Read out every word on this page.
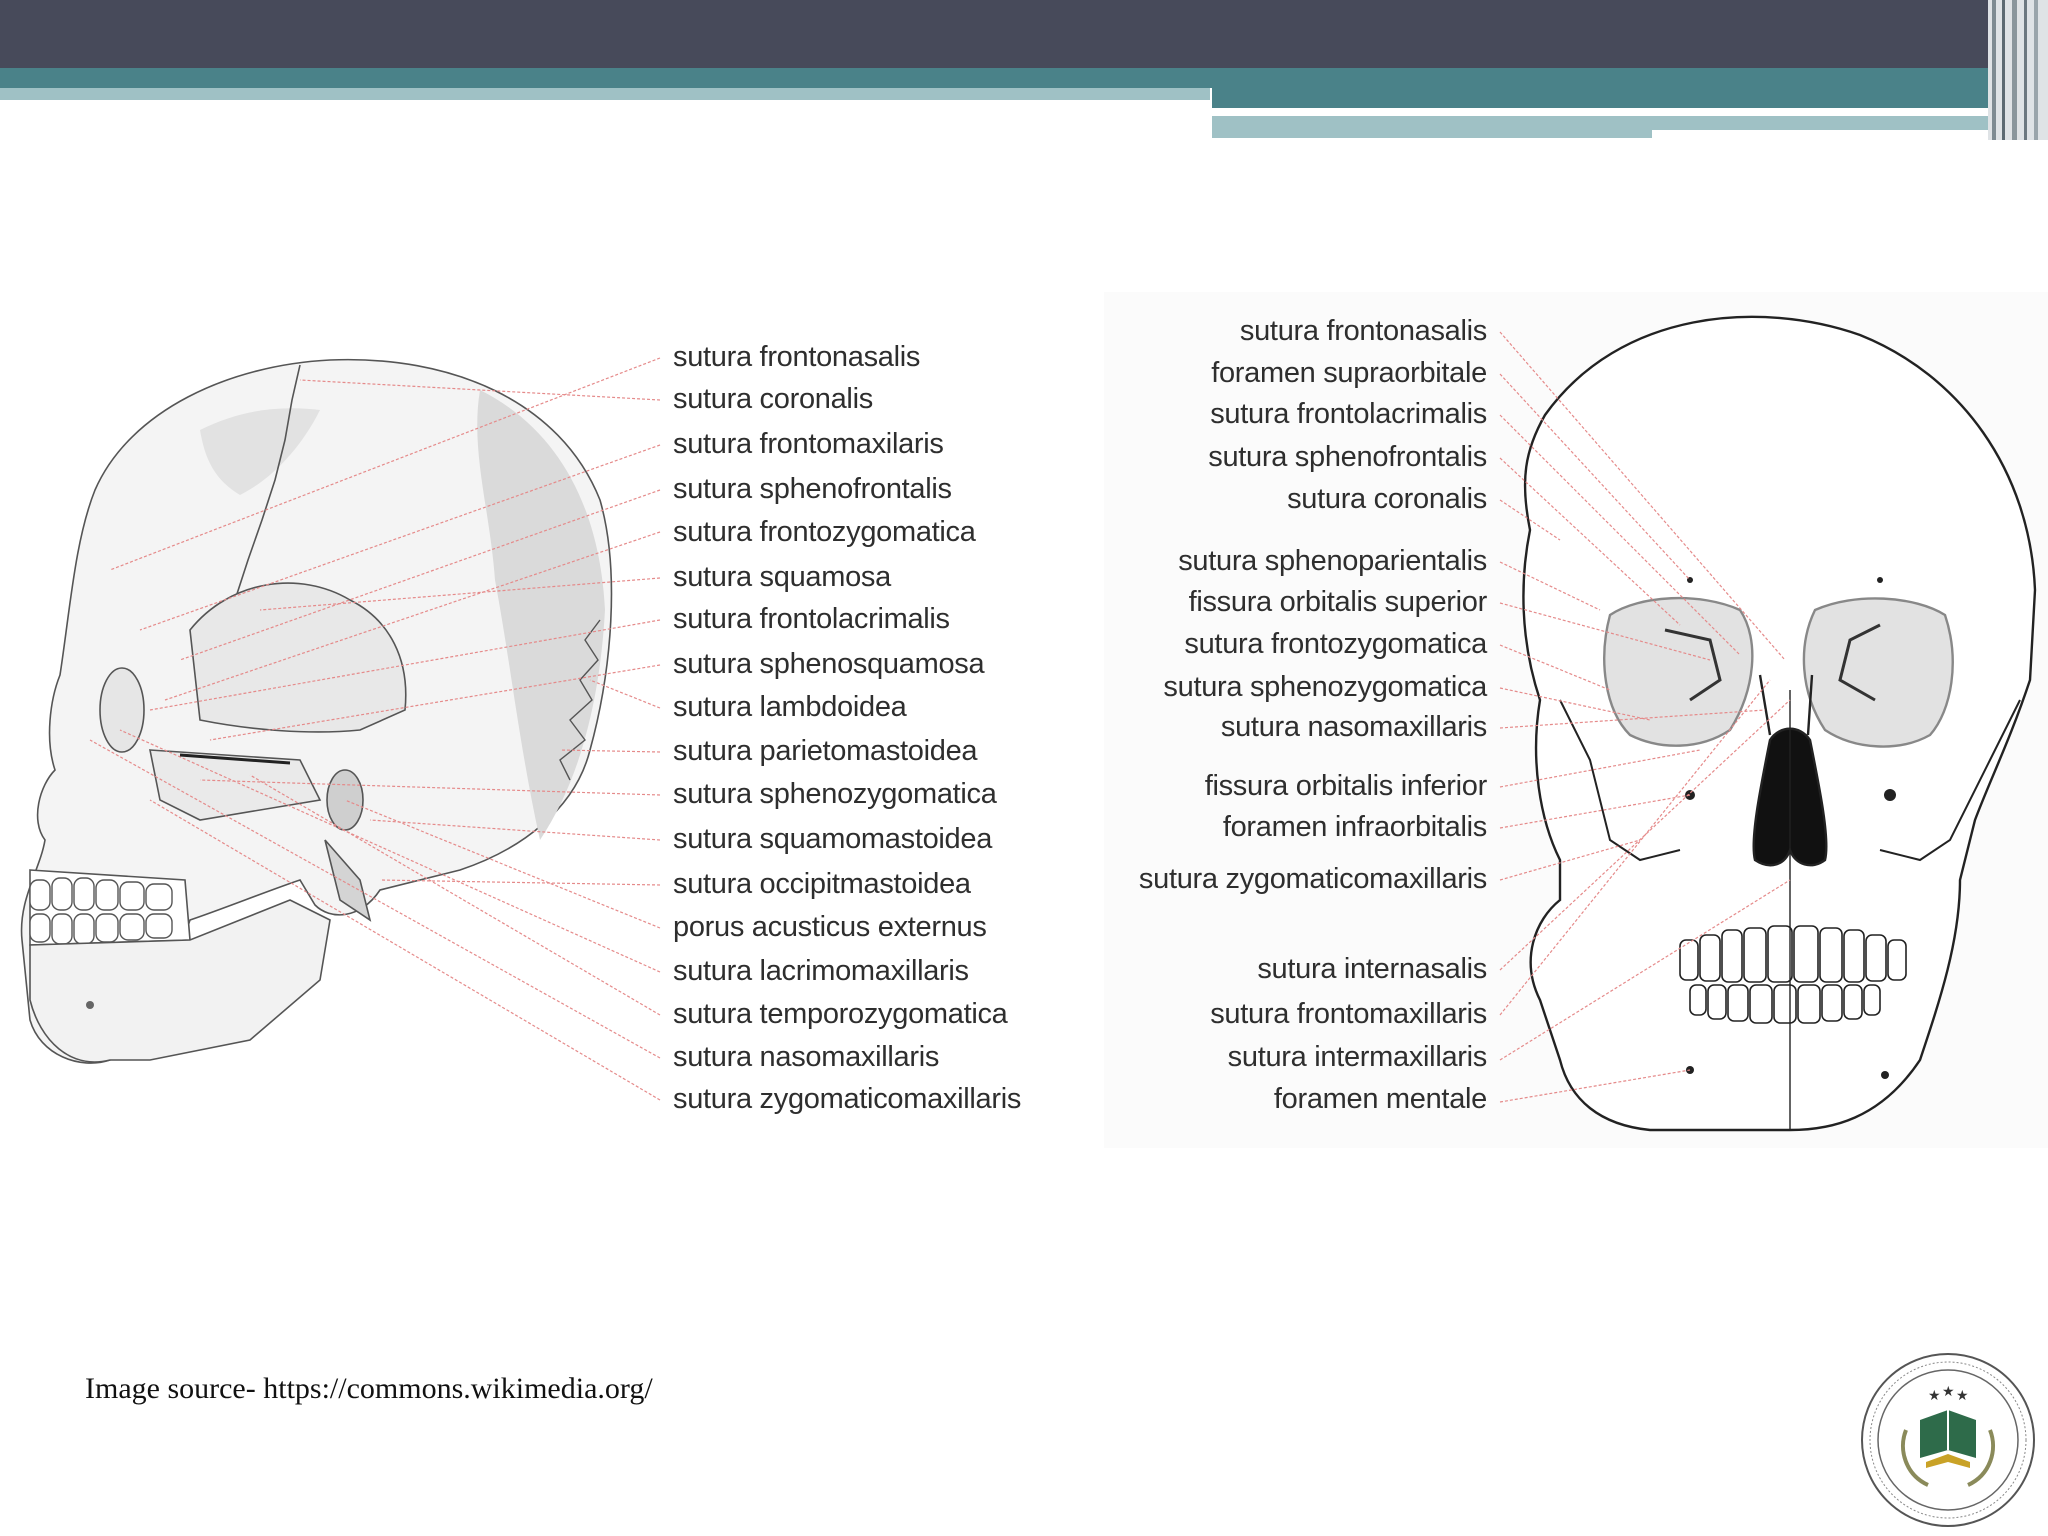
sutura frontonasalis
sutura coronalis
sutura frontomaxilaris
sutura sphenofrontalis
sutura frontozygomatica
sutura squamosa
sutura frontolacrimalis
sutura sphenosquamosa
sutura lambdoidea
sutura parietomastoidea
sutura sphenozygomatica
sutura squamomastoidea
sutura occipitmastoidea
porus acusticus externus
sutura lacrimomaxillaris
sutura temporozygomatica
sutura nasomaxillaris
sutura zygomaticomaxillaris
sutura frontonasalis
foramen supraorbitale
sutura frontolacrimalis
sutura sphenofrontalis
sutura coronalis
sutura sphenoparientalis
fissura orbitalis superior
sutura frontozygomatica
sutura sphenozygomatica
sutura nasomaxillaris
fissura orbitalis inferior
foramen infraorbitalis
sutura zygomaticomaxillaris
sutura internasalis
sutura frontomaxillaris
sutura intermaxillaris
foramen mentale
Image source- https://commons.wikimedia.org/	★ ★ ★
